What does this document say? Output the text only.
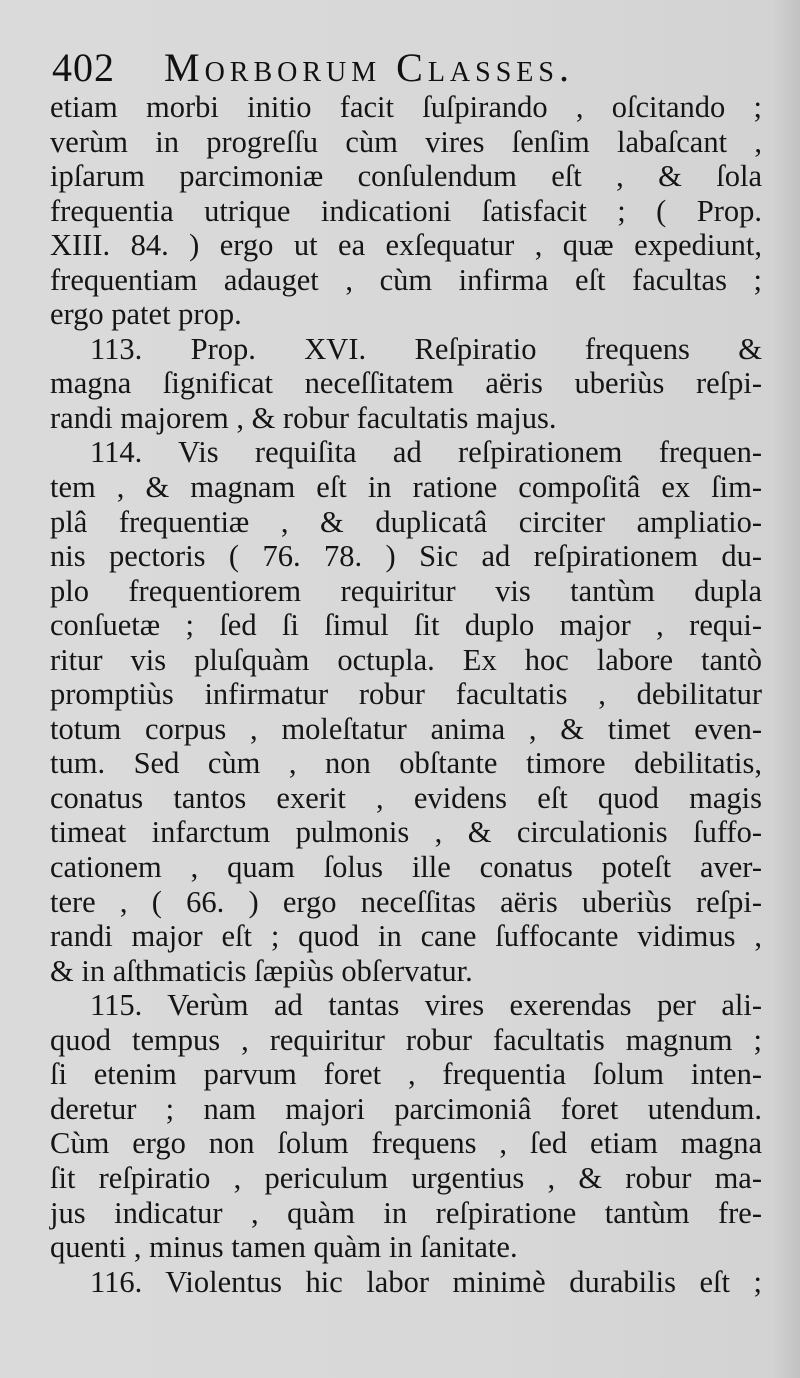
402 Morborum Classes.
etiam morbi initio facit ſuſpirando , oſcitando ;
verùm in progreſſu cùm vires ſenſim labaſcant ,
ipſarum parcimoniæ conſulendum eſt , & ſola
frequentia utrique indicationi ſatisfacit ; ( Prop.
XIII. 84. ) ergo ut ea exſequatur , quæ expediunt,
frequentiam adauget , cùm infirma eſt facultas ;
ergo patet prop.
113. Prop. XVI. Reſpiratio frequens &
magna ſignificat neceſſitatem aëris uberiùs reſpi-
randi majorem , & robur facultatis majus.
114. Vis requiſita ad reſpirationem frequen-
tem , & magnam eſt in ratione compoſitâ ex ſim-
plâ frequentiæ , & duplicatâ circiter ampliatio-
nis pectoris ( 76. 78. ) Sic ad reſpirationem du-
plo frequentiorem requiritur vis tantùm dupla
conſuetæ ; ſed ſi ſimul ſit duplo major , requi-
ritur vis pluſquàm octupla. Ex hoc labore tantò
promptiùs infirmatur robur facultatis , debilitatur
totum corpus , moleſtatur anima , & timet even-
tum. Sed cùm , non obſtante timore debilitatis,
conatus tantos exerit , evidens eſt quod magis
timeat infarctum pulmonis , & circulationis ſuffo-
cationem , quam ſolus ille conatus poteſt aver-
tere , ( 66. ) ergo neceſſitas aëris uberiùs reſpi-
randi major eſt ; quod in cane ſuffocante vidimus ,
& in aſthmaticis ſæpiùs obſervatur.
115. Verùm ad tantas vires exerendas per ali-
quod tempus , requiritur robur facultatis magnum ;
ſi etenim parvum foret , frequentia ſolum inten-
deretur ; nam majori parcimoniâ foret utendum.
Cùm ergo non ſolum frequens , ſed etiam magna
ſit reſpiratio , periculum urgentius , & robur ma-
jus indicatur , quàm in reſpiratione tantùm fre-
quenti , minus tamen quàm in ſanitate.
116. Violentus hic labor minimè durabilis eſt ;
